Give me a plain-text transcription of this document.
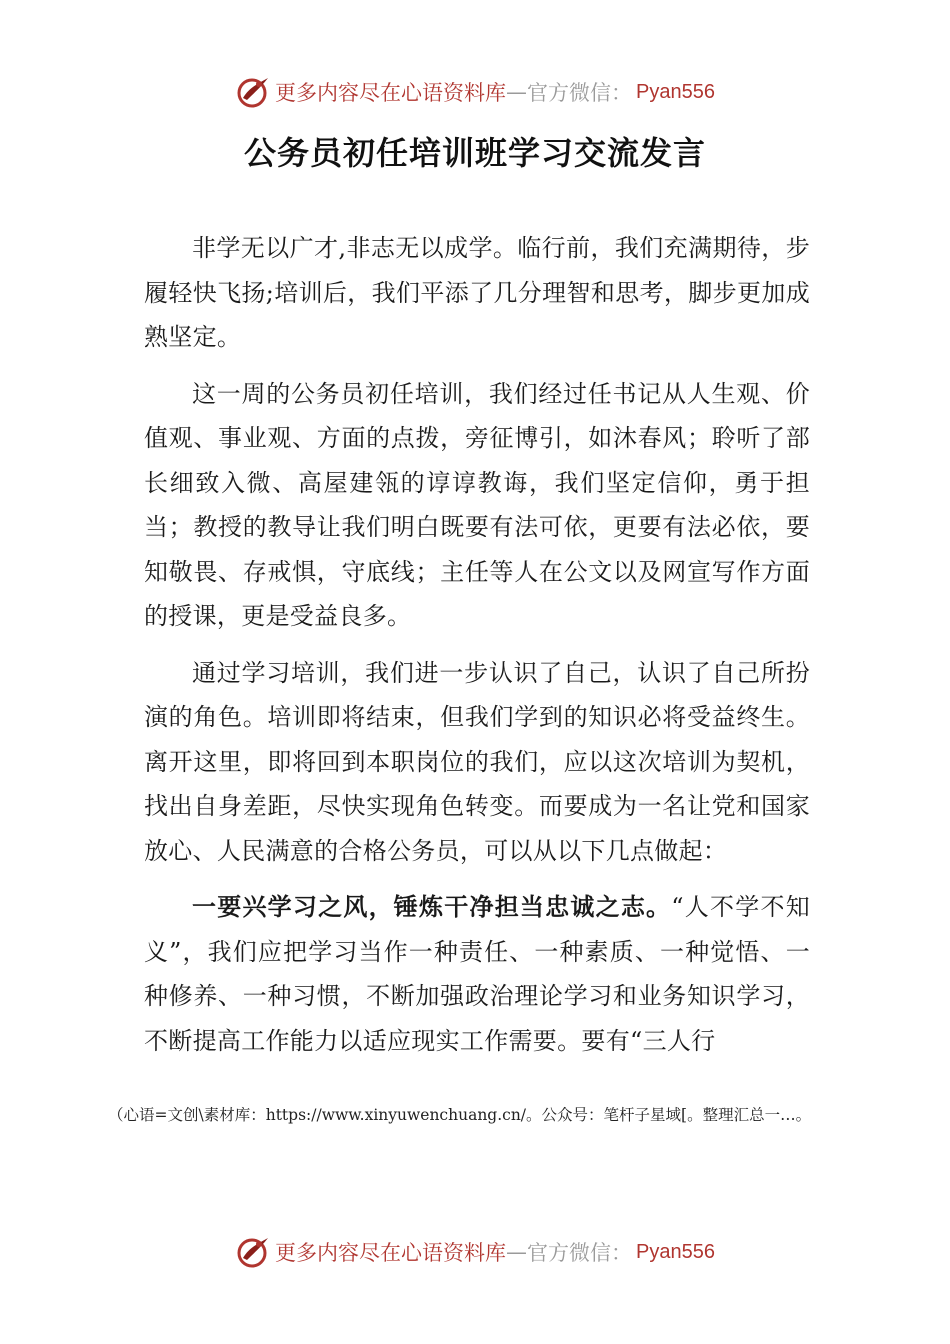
更多内容尽在心语资料库 — 官方微信： Pyan556
公务员初任培训班学习交流发言

非学无以广才,非志无以成学。临行前，我们充满期待，步履轻快飞扬;培训后，我们平添了几分理智和思考，脚步更加成熟坚定。

这一周的公务员初任培训，我们经过任书记从人生观、价值观、事业观、方面的点拨，旁征博引，如沐春风；聆听了部长细致入微、高屋建瓴的谆谆教诲，我们坚定信仰，勇于担当；教授的教导让我们明白既要有法可依，更要有法必依，要知敬畏、存戒惧，守底线；主任等人在公文以及网宣写作方面的授课，更是受益良多。

通过学习培训，我们进一步认识了自己，认识了自己所扮演的角色。培训即将结束，但我们学到的知识必将受益终生。离开这里，即将回到本职岗位的我们，应以这次培训为契机，找出自身差距，尽快实现角色转变。而要成为一名让党和国家放心、人民满意的合格公务员，可以从以下几点做起：

一要兴学习之风，锤炼干净担当忠诚之志。“人不学不知义”，我们应把学习当作一种责任、一种素质、一种觉悟、一种修养、一种习惯，不断加强政治理论学习和业务知识学习，不断提高工作能力以适应现实工作需要。要有“三人行

（心语=文创\素材库：https://www.xinyuwenchuang.cn/。公众号：笔杆子星域[。整理汇总一…。
更多内容尽在心语资料库 — 官方微信： Pyan556
